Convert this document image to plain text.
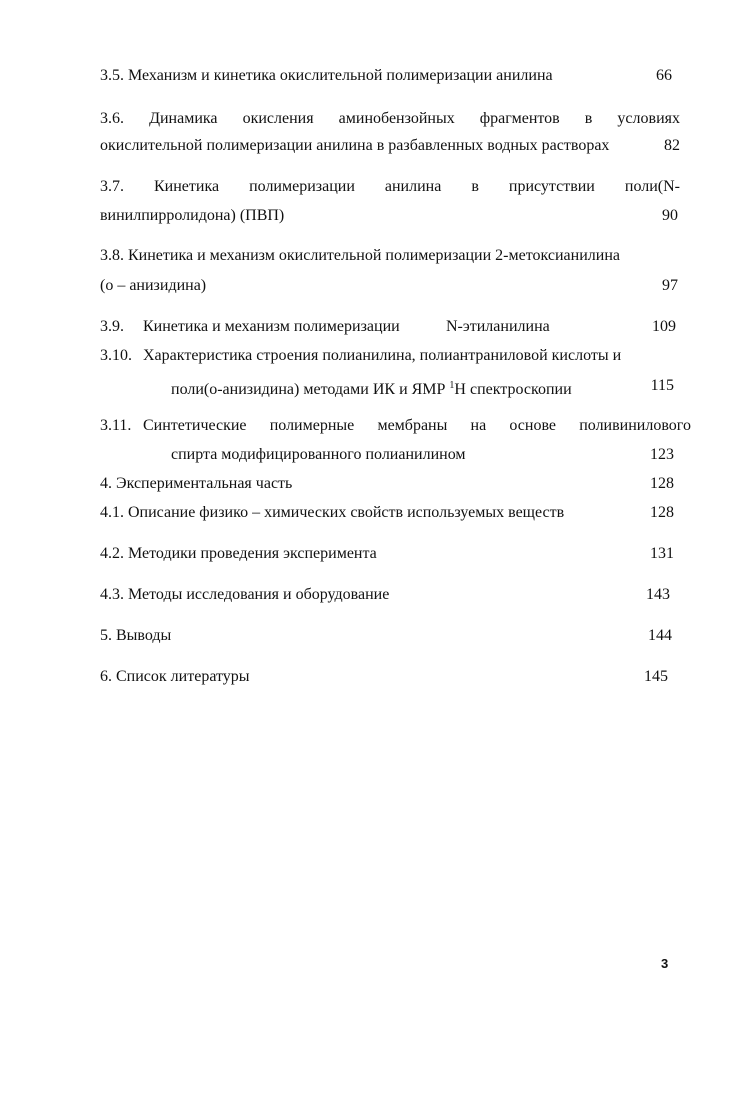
3.5. Механизм и кинетика окислительной полимеризации анилина	66
3.6. Динамика окисления аминобензойных фрагментов в условиях
окислительной полимеризации анилина в разбавленных водных растворах	82
3.7. Кинетика полимеризации анилина в присутствии поли(N-
винилпирролидона) (ПВП)	90
3.8. Кинетика и механизм окислительной полимеризации 2-метоксианилина
(о – анизидина)	97
3.9. Кинетика и механизм полимеризации	N-этиланилина	109
3.10. Характеристика строения полианилина, полиантраниловой кислоты и
поли(о-анизидина) методами ИК и ЯМР $^1$H спектроскопии	115
3.11. Синтетические полимерные мембраны на основе поливинилового
спирта модифицированного полианилином	123
4. Экспериментальная часть	128
4.1. Описание физико – химических свойств используемых веществ	128
4.2. Методики проведения эксперимента	131
4.3. Методы исследования и оборудование	143
5. Выводы	144
6. Список литературы	145
3
